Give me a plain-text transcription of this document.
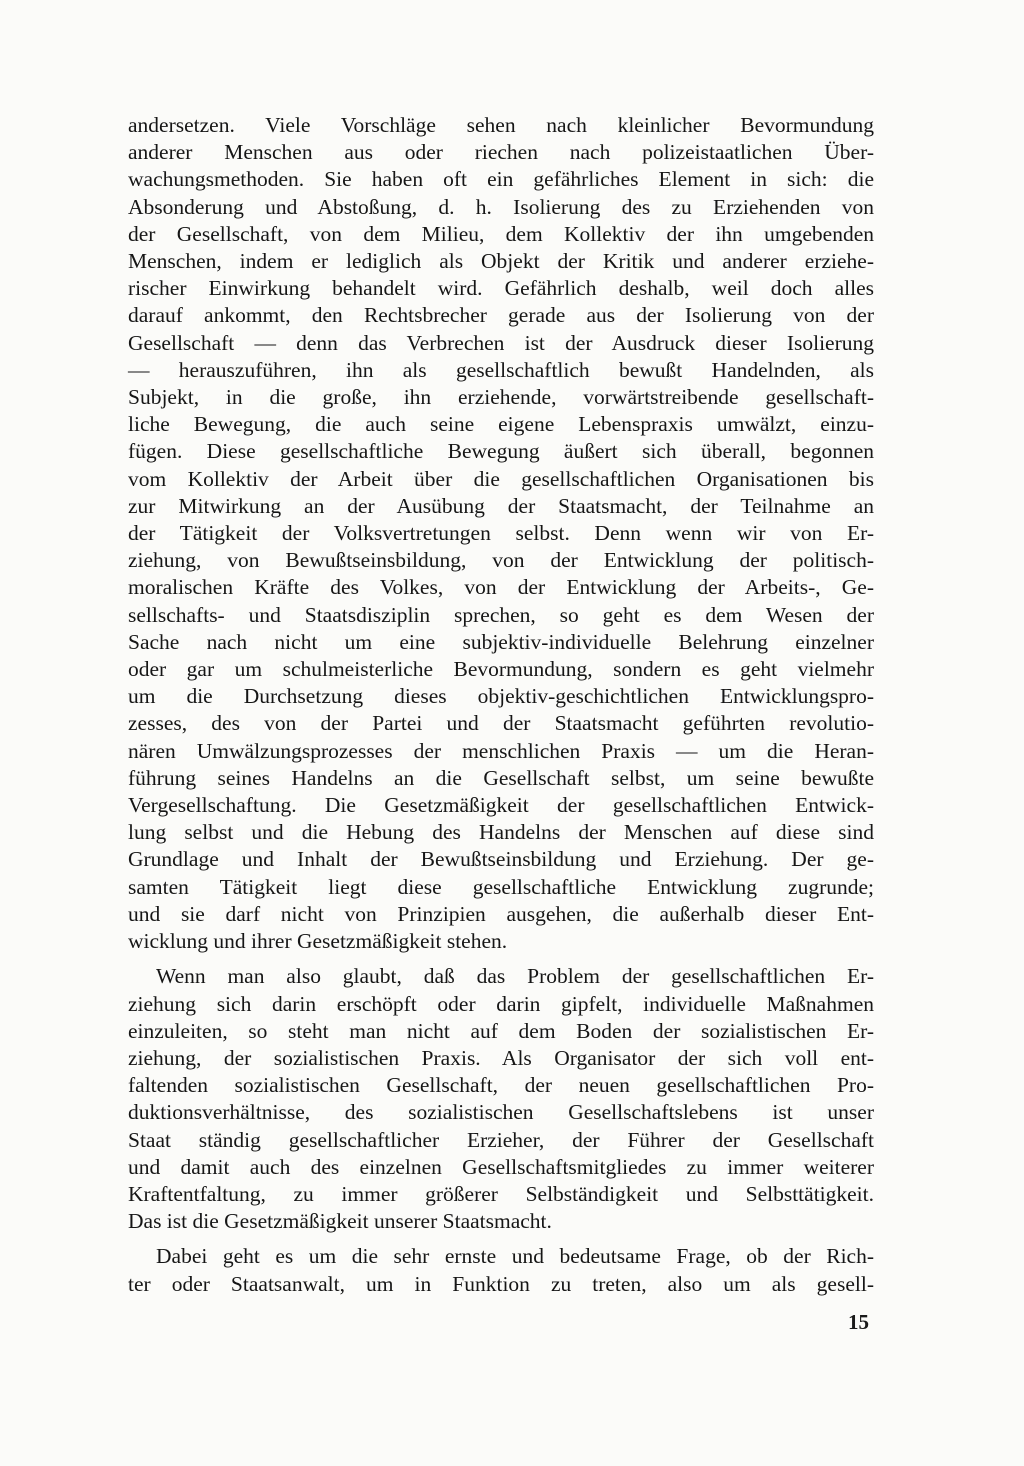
andersetzen. Viele Vorschläge sehen nach kleinlicher Bevormundung
anderer Menschen aus oder riechen nach polizeistaatlichen Über-
wachungsmethoden. Sie haben oft ein gefährliches Element in sich: die
Absonderung und Abstoßung, d. h. Isolierung des zu Erziehenden von
der Gesellschaft, von dem Milieu, dem Kollektiv der ihn umgebenden
Menschen, indem er lediglich als Objekt der Kritik und anderer erziehe-
rischer Einwirkung behandelt wird. Gefährlich deshalb, weil doch alles
darauf ankommt, den Rechtsbrecher gerade aus der Isolierung von der
Gesellschaft — denn das Verbrechen ist der Ausdruck dieser Isolierung
— herauszuführen, ihn als gesellschaftlich bewußt Handelnden, als
Subjekt, in die große, ihn erziehende, vorwärtstreibende gesellschaft-
liche Bewegung, die auch seine eigene Lebenspraxis umwälzt, einzu-
fügen. Diese gesellschaftliche Bewegung äußert sich überall, begonnen
vom Kollektiv der Arbeit über die gesellschaftlichen Organisationen bis
zur Mitwirkung an der Ausübung der Staatsmacht, der Teilnahme an
der Tätigkeit der Volksvertretungen selbst. Denn wenn wir von Er-
ziehung, von Bewußtseinsbildung, von der Entwicklung der politisch-
moralischen Kräfte des Volkes, von der Entwicklung der Arbeits-, Ge-
sellschafts- und Staatsdisziplin sprechen, so geht es dem Wesen der
Sache nach nicht um eine subjektiv-individuelle Belehrung einzelner
oder gar um schulmeisterliche Bevormundung, sondern es geht vielmehr
um die Durchsetzung dieses objektiv-geschichtlichen Entwicklungspro-
zesses, des von der Partei und der Staatsmacht geführten revolutio-
nären Umwälzungsprozesses der menschlichen Praxis — um die Heran-
führung seines Handelns an die Gesellschaft selbst, um seine bewußte
Vergesellschaftung. Die Gesetzmäßigkeit der gesellschaftlichen Entwick-
lung selbst und die Hebung des Handelns der Menschen auf diese sind
Grundlage und Inhalt der Bewußtseinsbildung und Erziehung. Der ge-
samten Tätigkeit liegt diese gesellschaftliche Entwicklung zugrunde;
und sie darf nicht von Prinzipien ausgehen, die außerhalb dieser Ent-
wicklung und ihrer Gesetzmäßigkeit stehen.
Wenn man also glaubt, daß das Problem der gesellschaftlichen Er-
ziehung sich darin erschöpft oder darin gipfelt, individuelle Maßnahmen
einzuleiten, so steht man nicht auf dem Boden der sozialistischen Er-
ziehung, der sozialistischen Praxis. Als Organisator der sich voll ent-
faltenden sozialistischen Gesellschaft, der neuen gesellschaftlichen Pro-
duktionsverhältnisse, des sozialistischen Gesellschaftslebens ist unser
Staat ständig gesellschaftlicher Erzieher, der Führer der Gesellschaft
und damit auch des einzelnen Gesellschaftsmitgliedes zu immer weiterer
Kraftentfaltung, zu immer größerer Selbständigkeit und Selbsttätigkeit.
Das ist die Gesetzmäßigkeit unserer Staatsmacht.
Dabei geht es um die sehr ernste und bedeutsame Frage, ob der Rich-
ter oder Staatsanwalt, um in Funktion zu treten, also um als gesell-
15
